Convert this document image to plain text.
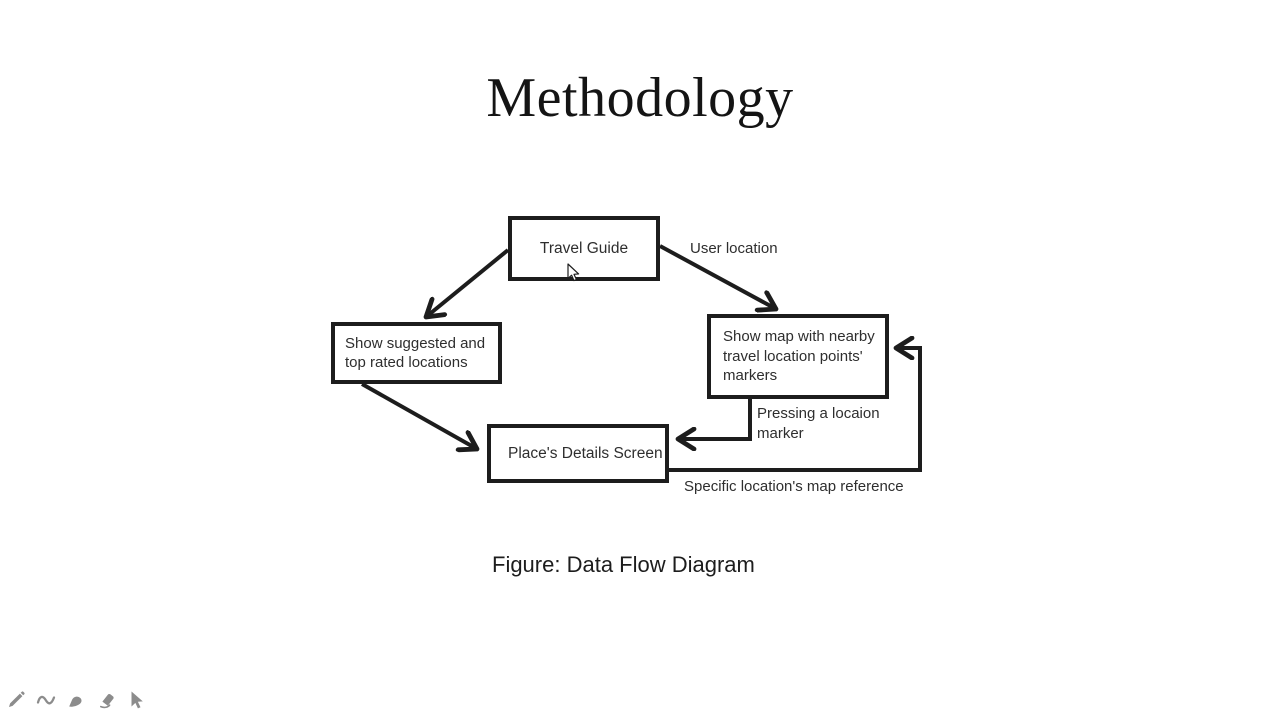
Methodology
Travel Guide
Show suggested and top rated locations
Show map with nearby travel location points' markers
Place's Details Screen
User location
Pressing a locaion marker
Specific location's map reference
Figure: Data Flow Diagram
